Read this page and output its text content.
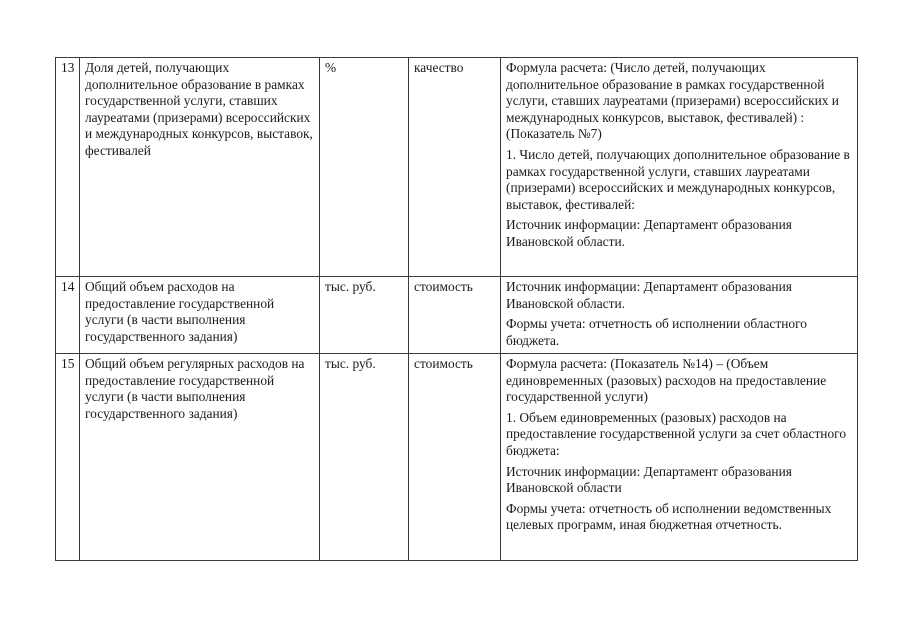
13	Доля детей, получающих дополнительное образование в рамках государственной услуги, ставших лауреатами (призерами) всероссийских и международных конкурсов, выставок, фестивалей	%	качество	Формула расчета: (Число детей, получающих дополнительное образование в рамках государственной услуги, ставших лауреатами (призерами) всероссийских и международных конкурсов, выставок, фестивалей) : (Показатель №7)
1. Число детей, получающих дополнительное образование в рамках государственной услуги, ставших лауреатами (призерами) всероссийских и международных конкурсов, выставок, фестивалей:
Источник информации: Департамент образования Ивановской области.

14	Общий объем расходов на предоставление государственной услуги (в части выполнения государственного задания)	тыс. руб.	стоимость	Источник информации: Департамент образования Ивановской области.
Формы учета: отчетность об исполнении областного бюджета.

15	Общий объем регулярных расходов на предоставление государственной услуги (в части выполнения государственного задания)	тыс. руб.	стоимость	Формула расчета: (Показатель №14) – (Объем единовременных (разовых) расходов на предоставление государственной услуги)
1. Объем единовременных (разовых) расходов на предоставление государственной услуги за счет областного бюджета:
Источник информации: Департамент образования Ивановской области
Формы учета: отчетность об исполнении ведомственных целевых программ, иная бюджетная отчетность.
